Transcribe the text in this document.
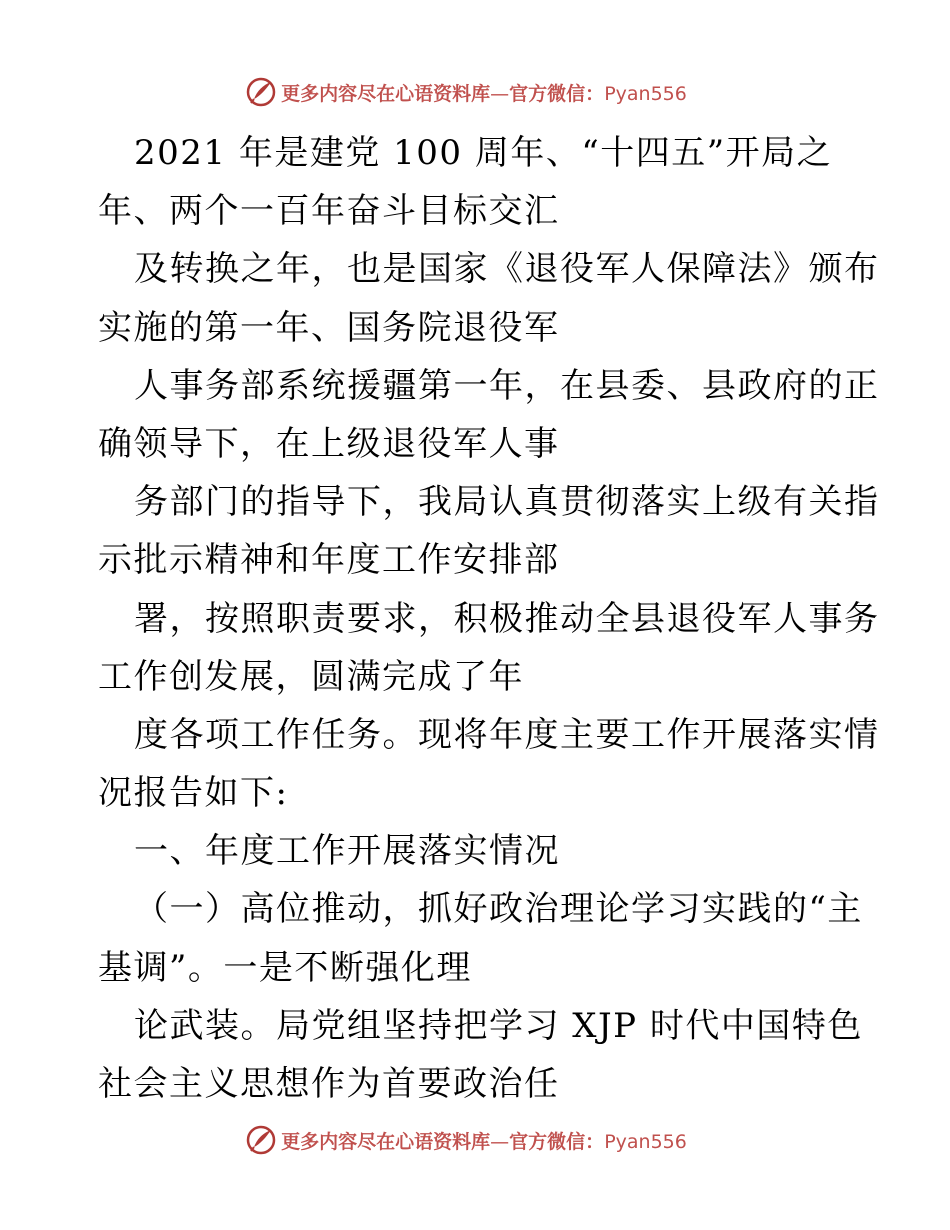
更多内容尽在心语资料库—官方微信：Pyan556
2021 年是建党 100 周年、“十四五”开局之
年、两个一百年奋斗目标交汇
及转换之年，也是国家《退役军人保障法》颁布
实施的第一年、国务院退役军
人事务部系统援疆第一年，在县委、县政府的正
确领导下，在上级退役军人事
务部门的指导下，我局认真贯彻落实上级有关指
示批示精神和年度工作安排部
署，按照职责要求，积极推动全县退役军人事务
工作创发展，圆满完成了年
度各项工作任务。现将年度主要工作开展落实情
况报告如下:
一、年度工作开展落实情况
（一）高位推动，抓好政治理论学习实践的“主
基调”。一是不断强化理
论武装。局党组坚持把学习 XJP 时代中国特色
社会主义思想作为首要政治任
更多内容尽在心语资料库—官方微信：Pyan556
